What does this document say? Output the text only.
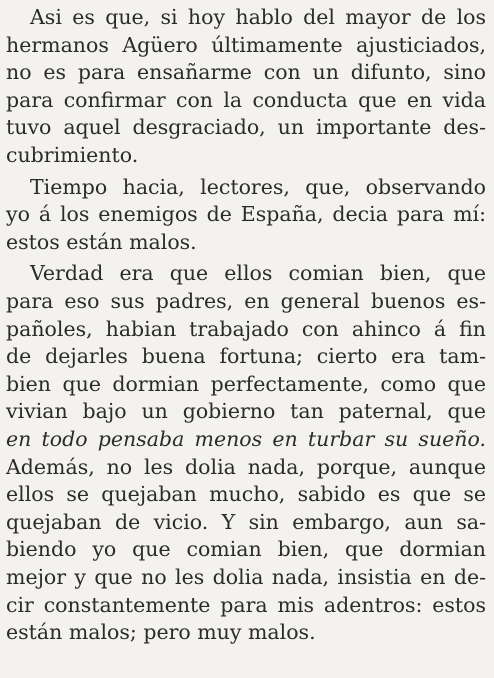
Asi es que, si hoy hablo del mayor de los
hermanos Agüero últimamente ajusticiados,
no es para ensañarme con un difunto, sino
para confirmar con la conducta que en vida
tuvo aquel desgraciado, un importante des-
cubrimiento.
Tiempo hacia, lectores, que, observando
yo á los enemigos de España, decia para mí:
estos están malos.
Verdad era que ellos comian bien, que
para eso sus padres, en general buenos es-
pañoles, habian trabajado con ahinco á fin
de dejarles buena fortuna; cierto era tam-
bien que dormian perfectamente, como que
vivian bajo un gobierno tan paternal, que
en todo pensaba menos en turbar su sueño.
Además, no les dolia nada, porque, aunque
ellos se quejaban mucho, sabido es que se
quejaban de vicio. Y sin embargo, aun sa-
biendo yo que comian bien, que dormian
mejor y que no les dolia nada, insistia en de-
cir constantemente para mis adentros: estos
están malos; pero muy malos.
